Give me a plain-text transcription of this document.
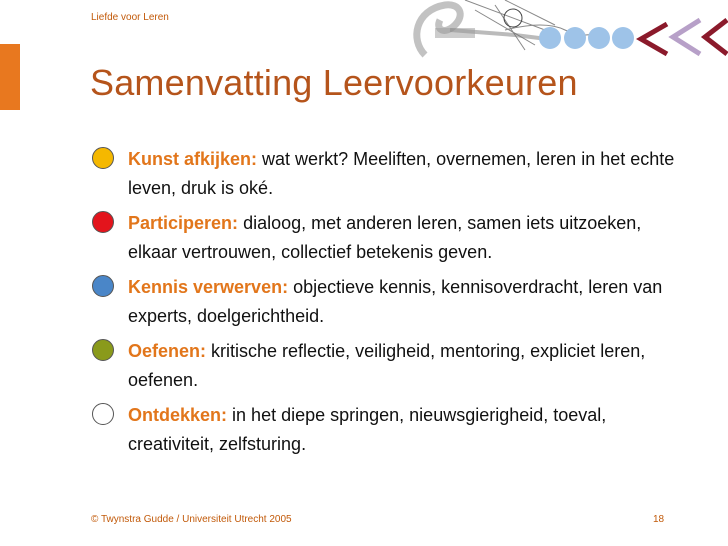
Liefde voor Leren
Samenvatting Leervoorkeuren
Kunst afkijken: wat werkt? Meeliften, overnemen, leren in het echte leven, druk is oké.
Participeren: dialoog, met anderen leren, samen iets uitzoeken, elkaar vertrouwen, collectief betekenis geven.
Kennis verwerven: objectieve kennis, kennisoverdracht, leren van experts, doelgerichtheid.
Oefenen: kritische reflectie, veiligheid, mentoring, expliciet leren, oefenen.
Ontdekken: in het diepe springen, nieuwsgierigheid, toeval, creativiteit, zelfsturing.
© Twynstra Gudde / Universiteit Utrecht 2005	18
